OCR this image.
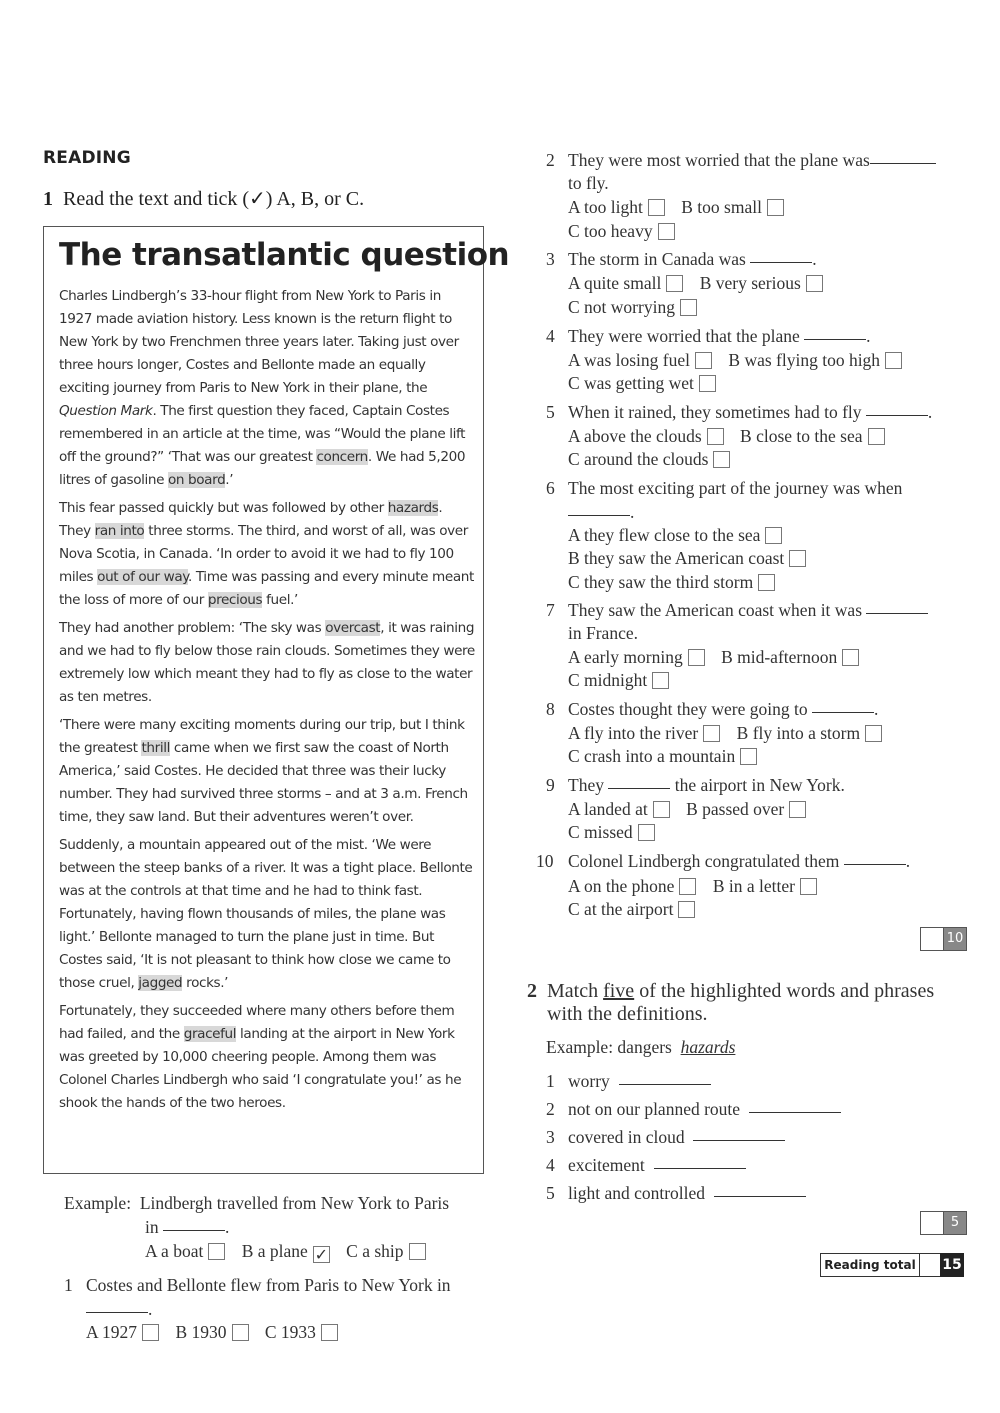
READING
1 Read the text and tick (✓) A, B, or C.
The transatlantic question

Charles Lindbergh’s 33-hour flight from New York to Paris in 1927 made aviation history. Less known is the return flight to New York by two Frenchmen three years later. Taking just over three hours longer, Costes and Bellonte made an equally exciting journey from Paris to New York in their plane, the Question Mark. The first question they faced, Captain Costes remembered in an article at the time, was “Would the plane lift off the ground?” ‘That was our greatest concern. We had 5,200 litres of gasoline on board.’

This fear passed quickly but was followed by other hazards. They ran into three storms. The third, and worst of all, was over Nova Scotia, in Canada. ‘In order to avoid it we had to fly 100 miles out of our way. Time was passing and every minute meant the loss of more of our precious fuel.’

They had another problem: ‘The sky was overcast, it was raining and we had to fly below those rain clouds. Sometimes they were extremely low which meant they had to fly as close to the water as ten metres.

‘There were many exciting moments during our trip, but I think the greatest thrill came when we first saw the coast of North America,’ said Costes. He decided that three was their lucky number. They had survived three storms – and at 3 a.m. French time, they saw land. But their adventures weren’t over.

Suddenly, a mountain appeared out of the mist. ‘We were between the steep banks of a river. It was a tight place. Bellonte was at the controls at that time and he had to think fast. Fortunately, having flown thousands of miles, the plane was light.’ Bellonte managed to turn the plane just in time. But Costes said, ‘It is not pleasant to think how close we came to those cruel, jagged rocks.’

Fortunately, they succeeded where many others before them had failed, and the graceful landing at the airport in New York was greeted by 10,000 cheering people. Among them was Colonel Charles Lindbergh who said ‘I congratulate you!’ as he shook the hands of the two heroes.

Example: Lindbergh travelled from New York to Paris
in	.
A a boat B a plane ✓ C a ship
1 Costes and Bellonte flew from Paris to New York in
.
A 1927 B 1930 C 1933
2 They were most worried that the plane was
to fly.
A too light B too small
C too heavy
3 The storm in Canada was	.
A quite small B very serious
C not worrying
4 They were worried that the plane	.
A was losing fuel B was flying too high
C was getting wet
5 When it rained, they sometimes had to fly	.
A above the clouds B close to the sea
C around the clouds
6 The most exciting part of the journey was when
.
A they flew close to the sea
B they saw the American coast
C they saw the third storm
7 They saw the American coast when it was
in France.
A early morning B mid-afternoon
C midnight
8 Costes thought they were going to	.
A fly into the river B fly into a storm
C crash into a mountain
9 They	the airport in New York.
A landed at B passed over
C missed
10 Colonel Lindbergh congratulated them	.
A on the phone B in a letter
C at the airport
10
2 Match five of the highlighted words and phrases
with the definitions.
Example: dangers hazards
1 worry
2 not on our planned route
3 covered in cloud
4 excitement
5 light and controlled
5
Reading total	15
